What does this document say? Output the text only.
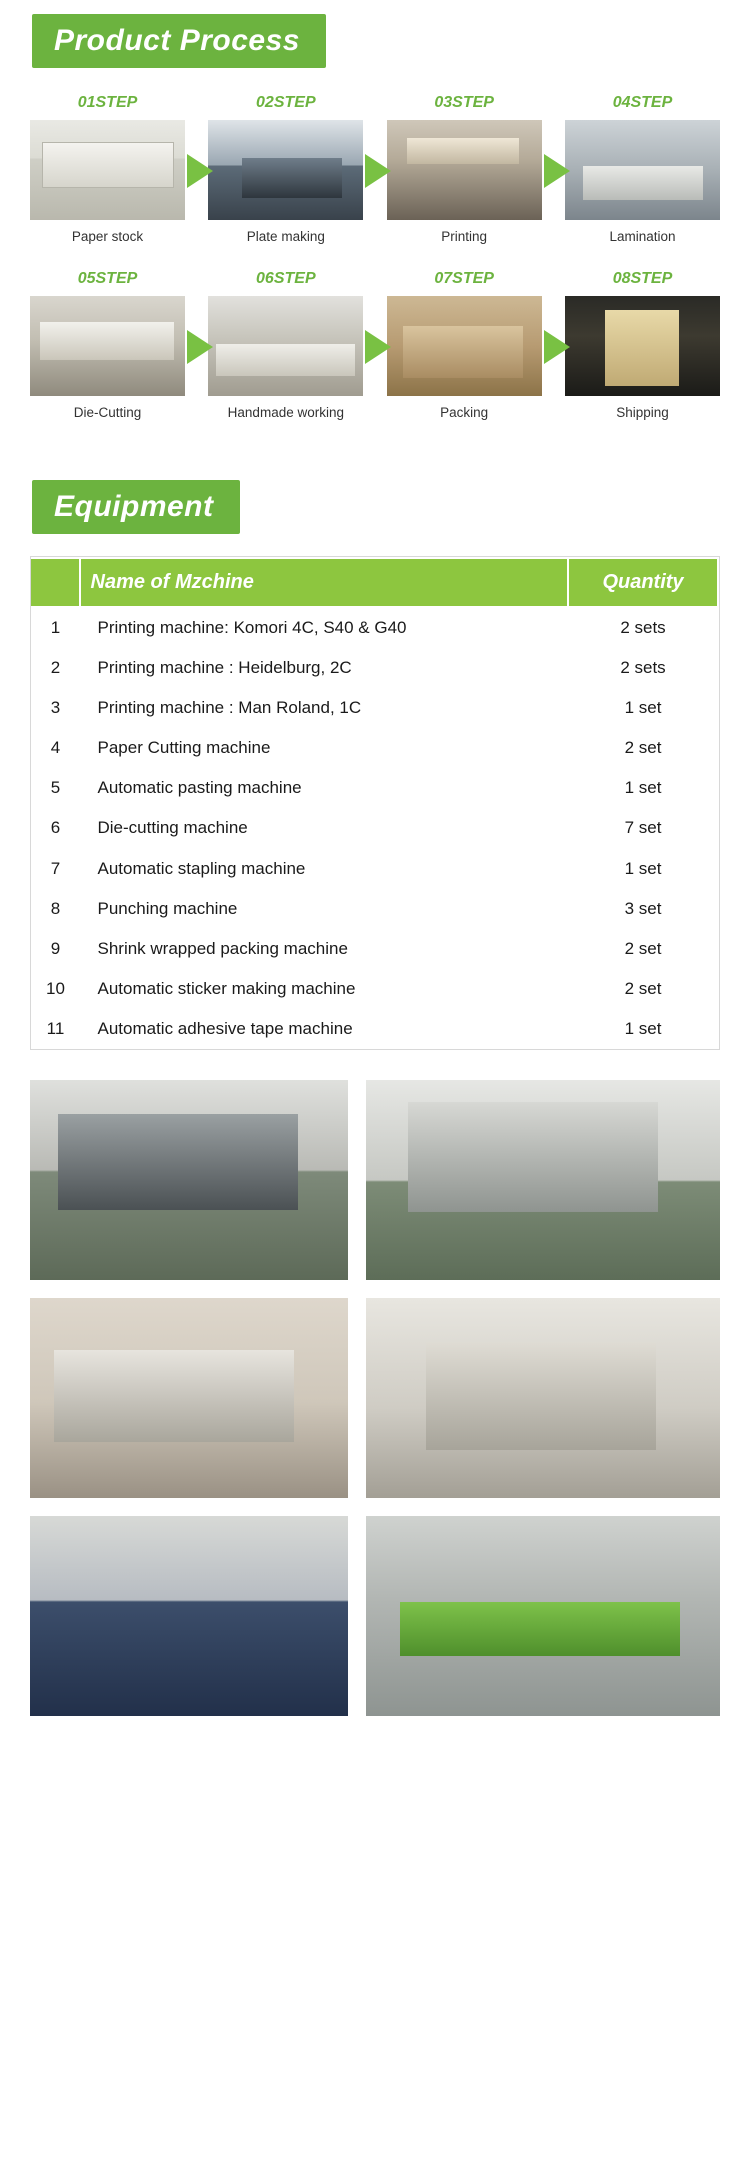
Product Process
01STEP
Paper stock
02STEP
Plate making
03STEP
Printing
04STEP
Lamination
05STEP
Die-Cutting
06STEP
Handmade working
07STEP
Packing
08STEP
Shipping
Equipment
	Name of Mzchine	Quantity
1	Printing machine: Komori 4C, S40 & G40	2 sets
2	Printing machine : Heidelburg, 2C	2 sets
3	Printing machine : Man Roland, 1C	1 set
4	Paper Cutting machine	2 set
5	Automatic pasting machine	1 set
6	Die-cutting machine	7 set
7	Automatic stapling machine	1 set
8	Punching machine	3 set
9	Shrink wrapped packing machine	2 set
10	Automatic sticker making machine	2 set
11	Automatic adhesive tape machine	1 set
